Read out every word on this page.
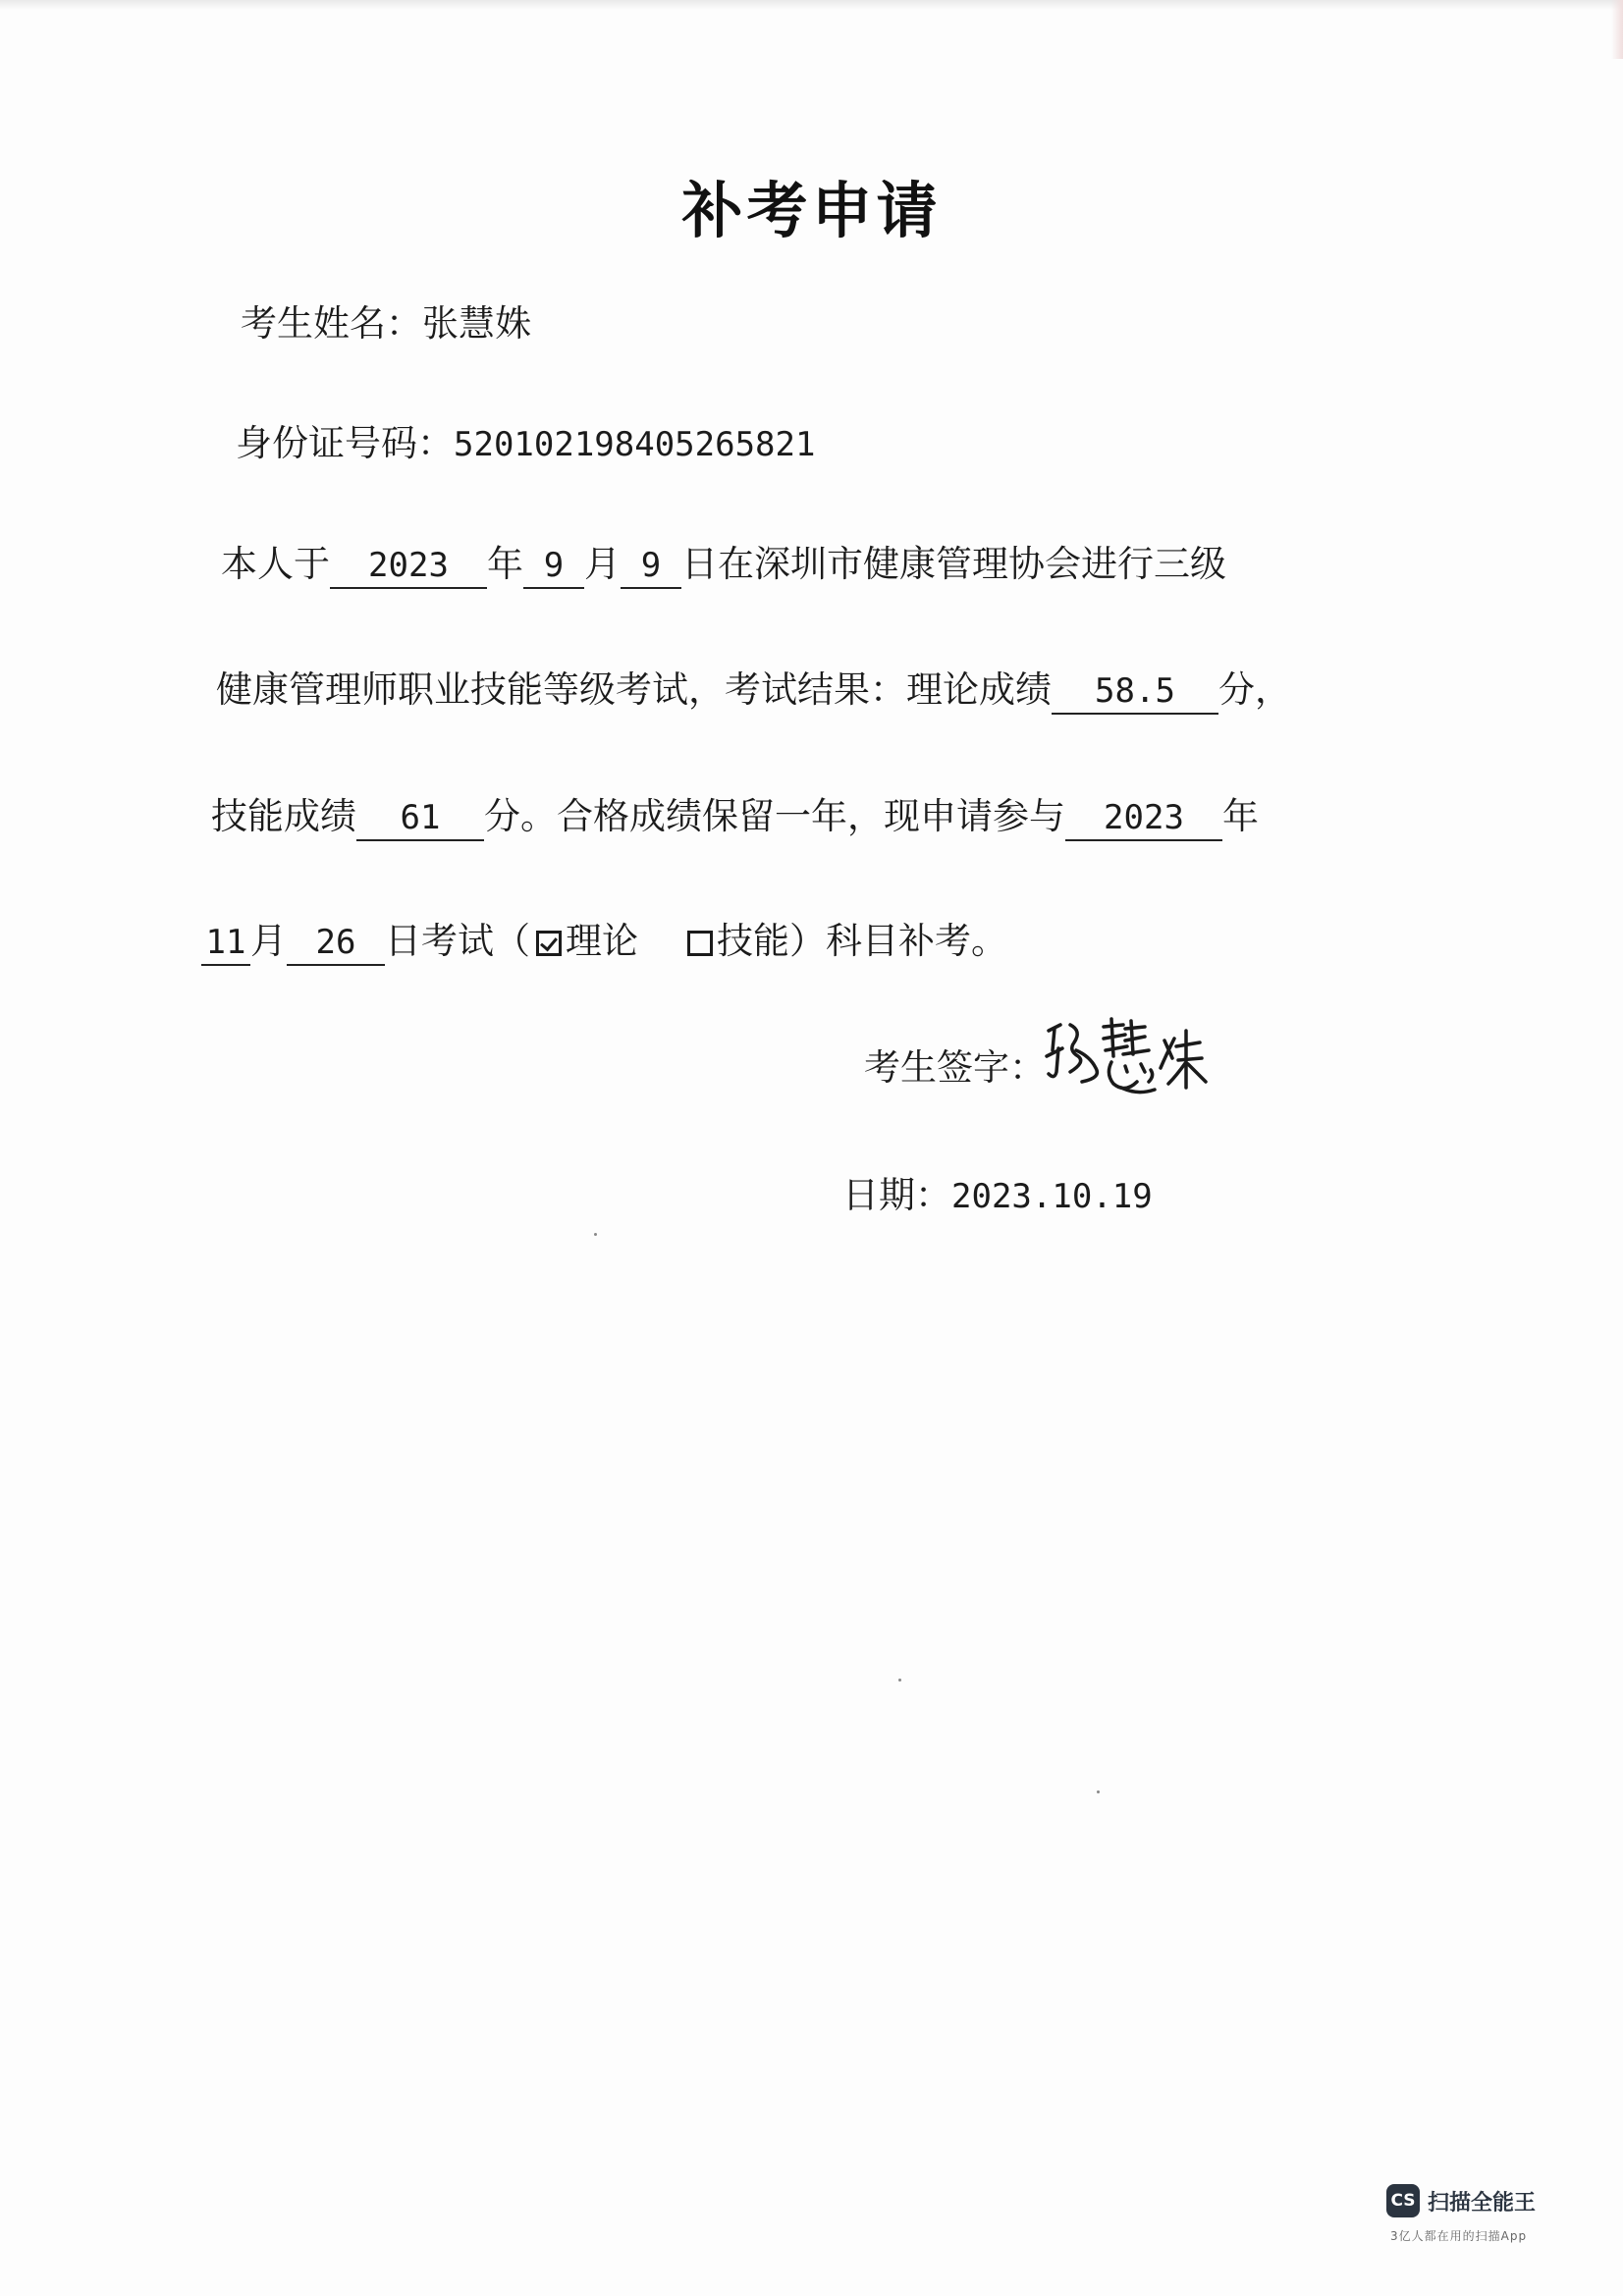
补考申请
考生姓名：张慧姝
身份证号码：520102198405265821
本人于 2023 年 9 月 9 日在深圳市健康管理协会进行三级
健康管理师职业技能等级考试，考试结果：理论成绩 58.5 分，
技能成绩 61 分。合格成绩保留一年，现申请参与 2023 年
11 月 26 日考试（ 理论 技能）科目补考。
考生签字：
日期：2023.10.19
CS 扫描全能王
3亿人都在用的扫描App
